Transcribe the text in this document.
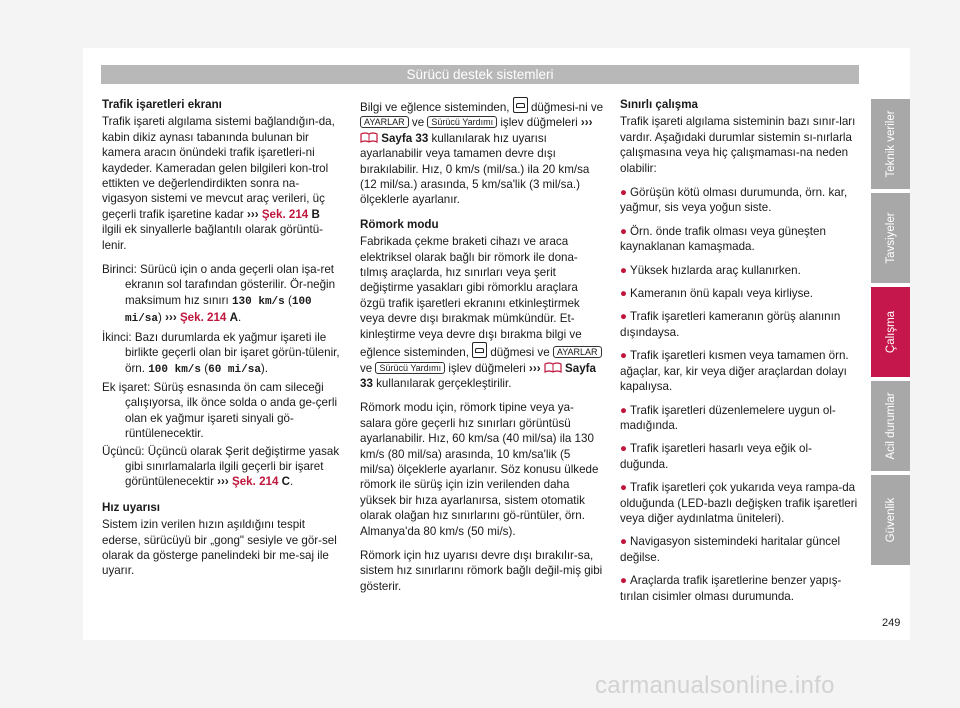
Sürücü destek sistemleri
Trafik işaretleri ekranı

Trafik işareti algılama sistemi bağlandığın-da, kabin dikiz aynası tabanında bulunan bir kamera aracın önündeki trafik işaretleri-ni kaydeder. Kameradan gelen bilgileri kon-trol ettikten ve değerlendirdikten sonra na-vigasyon sistemi ve mevcut araç verileri, üç geçerli trafik işaretine kadar ››› Şek. 214 B ilgili ek sinyallerle bağlantılı olarak görüntü-lenir.

Birinci: Sürücü için o anda geçerli olan işa-ret ekranın sol tarafından gösterilir. Ör-neğin maksimum hız sınırı 130 km/s (100 mi/sa) ››› Şek. 214 A.

İkinci: Bazı durumlarda ek yağmur işareti ile birlikte geçerli olan bir işaret görün-tülenir, örn. 100 km/s (60 mi/sa).

Ek işaret: Sürüş esnasında ön cam sileceği çalışıyorsa, ilk önce solda o anda ge-çerli olan ek yağmur işareti sinyali gö-rüntülenecektir.

Üçüncü: Üçüncü olarak Şerit değiştirme yasak gibi sınırlamalarla ilgili geçerli bir işaret görüntülenecektir ››› Şek. 214 C.

Hız uyarısı

Sistem izin verilen hızın aşıldığını tespit ederse, sürücüyü bir „gong" sesiyle ve gör-sel olarak da gösterge panelindeki bir me-saj ile uyarır.

Bilgi ve eğlence sisteminden,  düğmesi-ni ve AYARLAR ve Sürücü Yardımı işlev düğmeleri ›››  Sayfa 33 kullanılarak hız uyarısı ayarlanabilir veya tamamen devre dışı bırakılabilir. Hız, 0 km/s (mil/sa.) ila 20 km/sa (12 mil/sa.) arasında, 5 km/sa'lik (3 mil/sa.) ölçeklerle ayarlanır.

Römork modu

Fabrikada çekme braketi cihazı ve araca elektriksel olarak bağlı bir römork ile dona-tılmış araçlarda, hız sınırları veya şerit değiştirme yasakları gibi römorklu araçlara özgü trafik işaretleri ekranını etkinleştirmek veya devre dışı bırakmak mümkündür. Et-kinleştirme veya devre dışı bırakma bilgi ve eğlence sisteminden,  düğmesi ve AYARLAR ve Sürücü Yardımı işlev düğmeleri ››› Sayfa 33 kullanılarak gerçekleştirilir.

Römork modu için, römork tipine veya ya-salara göre geçerli hız sınırları görüntüsü ayarlanabilir. Hız, 60 km/sa (40 mil/sa) ila 130 km/s (80 mil/sa) arasında, 10 km/sa'lik (5 mil/sa) ölçeklerle ayarlanır. Söz konusu ülkede römork ile sürüş için izin verilenden daha yüksek bir hıza ayarlanırsa, sistem otomatik olarak olağan hız sınırlarını gö-rüntüler, örn. Almanya'da 80 km/s (50 mi/s).

Römork için hız uyarısı devre dışı bırakılır-sa, sistem hız sınırlarını römork bağlı değil-miş gibi gösterir.

Sınırlı çalışma

Trafik işareti algılama sisteminin bazı sınır-ları vardır. Aşağıdaki durumlar sistemin sı-nırlarla çalışmasına veya hiç çalışmaması-na neden olabilir:

● Görüşün kötü olması durumunda, örn. kar, yağmur, sis veya yoğun siste.
● Örn. önde trafik olması veya güneşten kaynaklanan kamaşmada.
● Yüksek hızlarda araç kullanırken.
● Kameranın önü kapalı veya kirliyse.
● Trafik işaretleri kameranın görüş alanının dışındaysa.
● Trafik işaretleri kısmen veya tamamen örn. ağaçlar, kar, kir veya diğer araçlardan dolayı kapalıysa.
● Trafik işaretleri düzenlemelere uygun ol-madığında.
● Trafik işaretleri hasarlı veya eğik ol-duğunda.
● Trafik işaretleri çok yukarıda veya rampa-da olduğunda (LED-bazlı değişken trafik işaretleri veya diğer aydınlatma üniteleri).
● Navigasyon sistemindeki haritalar güncel değilse.
● Araçlarda trafik işaretlerine benzer yapış-tırılan cisimler olması durumunda.
Teknik veriler
Tavsiyeler
Çalışma
Acil durumlar
Güvenlik
249
carmanualsonline.info
